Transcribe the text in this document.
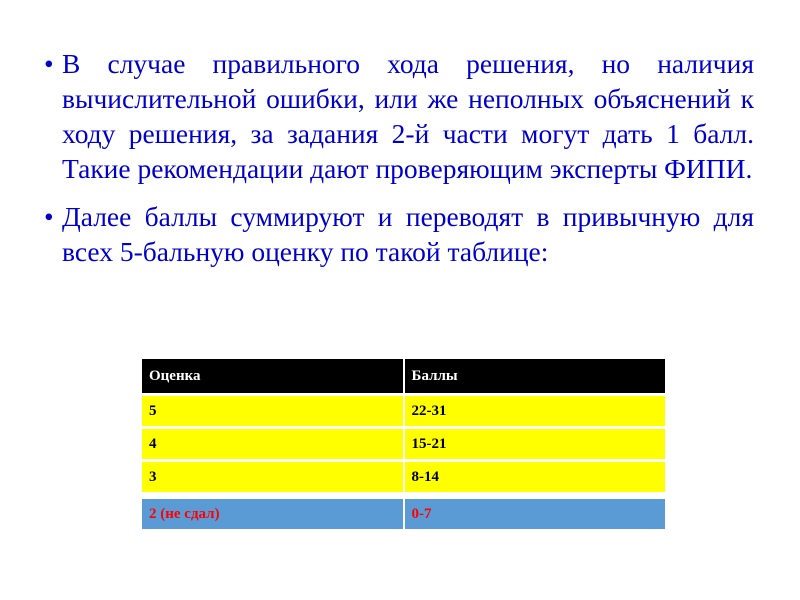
• В случае правильного хода решения, но наличия вычислительной ошибки, или же неполных объяснений к ходу решения, за задания 2-й части могут дать 1 балл. Такие рекомендации дают проверяющим эксперты ФИПИ.
• Далее баллы суммируют и переводят в привычную для всех 5-бальную оценку по такой таблице:
Оценка	Баллы
5	22-31
4	15-21
3	8-14

2 (не сдал)	0-7
